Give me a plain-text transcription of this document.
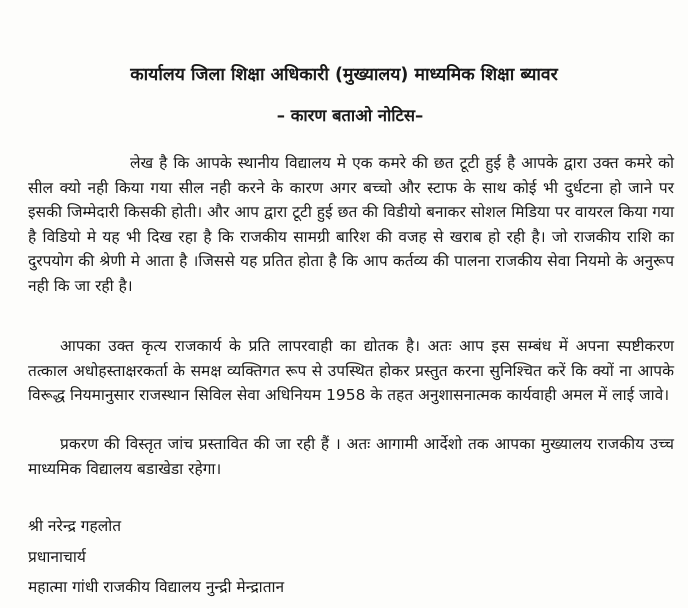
कार्यालय जिला शिक्षा अधिकारी (मुख्यालय) माध्यमिक शिक्षा ब्यावर
– कारण बताओ नोटिस–
लेख है कि आपके स्थानीय विद्यालय मे एक कमरे की छत टूटी हुई है आपके द्वारा उक्त कमरे को सील क्यो नही किया गया सील नही करने के कारण अगर बच्चो और स्टाफ के साथ कोई भी दुर्धटना हो जाने पर इसकी जिम्मेदारी किसकी होती। और आप द्वारा टूटी हुई छत की विडीयो बनाकर सोशल मिडिया पर वायरल किया गया है विडियो मे यह भी दिख रहा है कि राजकीय सामग्री बारिश की वजह से खराब हो रही है। जो राजकीय राशि का दुरपयोग की श्रेणी मे आता है ।जिससे यह प्रतित होता है कि आप कर्तव्य की पालना राजकीय सेवा नियमो के अनुरूप नही कि जा रही है।
आपका उक्त कृत्य राजकार्य के प्रति लापरवाही का द्योतक है। अतः आप इस सम्बंध में अपना स्पष्टीकरण तत्काल अधोहस्ताक्षरकर्ता के समक्ष व्यक्तिगत रूप से उपस्थित होकर प्रस्तुत करना सुनिश्चित करें कि क्यों ना आपके विरूद्ध नियमानुसार राजस्थान सिविल सेवा अधिनियम 1958 के तहत अनुशासनात्मक कार्यवाही अमल में लाई जावे।
प्रकरण की विस्तृत जांच प्रस्तावित की जा रही हैं । अतः आगामी आर्देशो तक आपका मुख्यालय राजकीय उच्च माध्यमिक विद्यालय बडाखेडा रहेगा।
श्री नरेन्द्र गहलोत
प्रधानाचार्य
महात्मा गांधी राजकीय विद्यालय नुन्द्री मेन्द्रातान
